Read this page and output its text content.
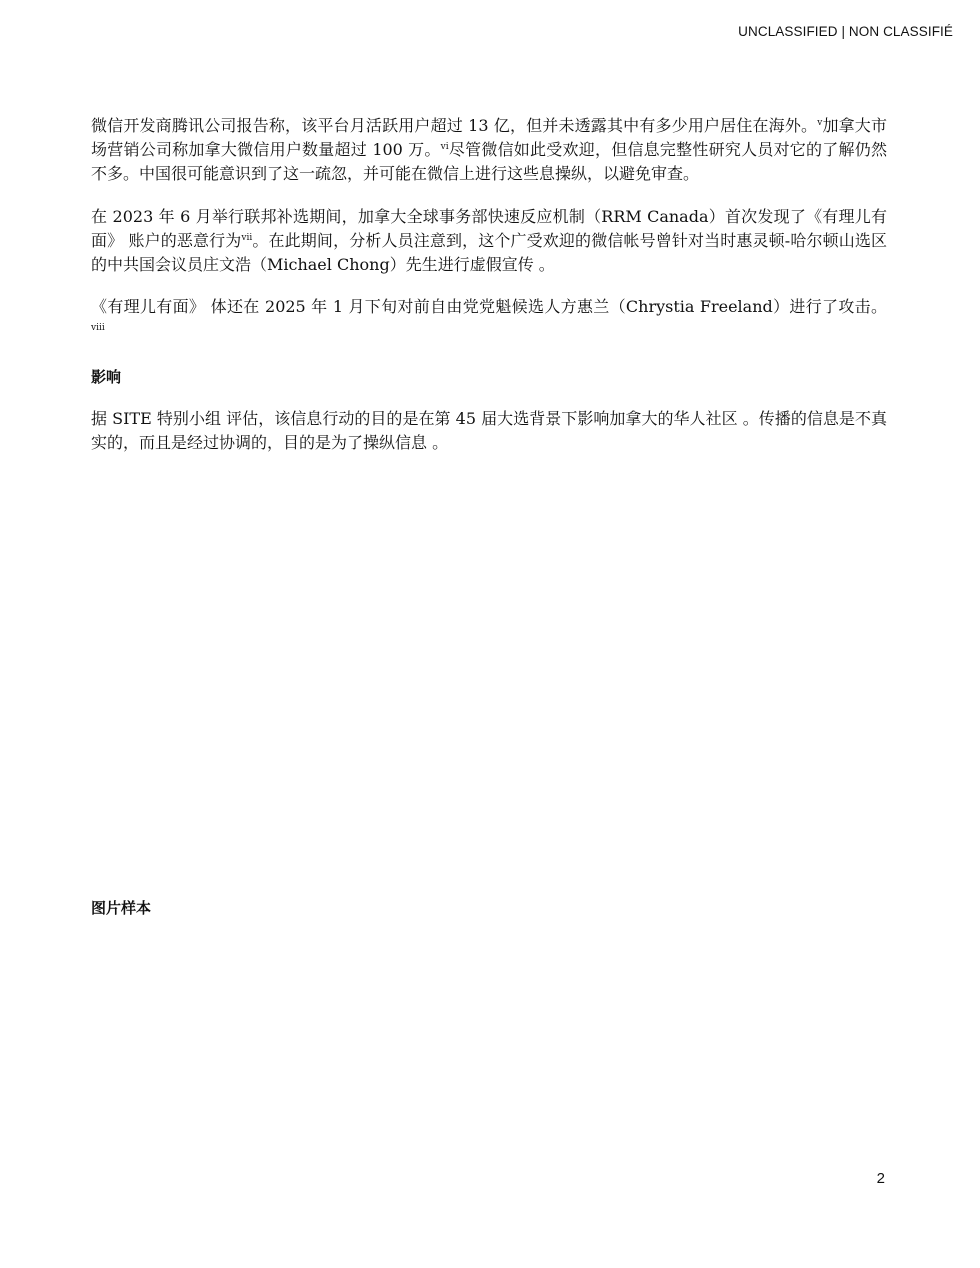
UNCLASSIFIED | NON CLASSIFIÉ

微信开发商腾讯公司报告称，该平台月活跃用户超过 13 亿，但并未透露其中有多少用户居住在海外。$^v$加拿大市场营销公司称加拿大微信用户数量超过 100 万。$^{vi}$尽管微信如此受欢迎，但信息完整性研究人员对它的了解仍然不多。中国很可能意识到了这一疏忽，并可能在微信上进行这些息操纵，以避免审查。

在 2023 年 6 月举行联邦补选期间，加拿大全球事务部快速反应机制（RRM Canada）首次发现了《有理儿有面》 账户的恶意行为$^{vii}$。在此期间，分析人员注意到，这个广受欢迎的微信帐号曾针对当时惠灵顿-哈尔顿山选区的中共国会议员庄文浩（Michael Chong）先生进行虚假宣传 。

《有理儿有面》 体还在 2025 年 1 月下旬对前自由党党魁候选人方惠兰（Chrystia Freeland）进行了攻击。$^{viii}$

影响

据 SITE 特别小组 评估，该信息行动的目的是在第 45 届大选背景下影响加拿大的华人社区 。传播的信息是不真实的，而且是经过协调的，目的是为了操纵信息 。

图片样本
2
